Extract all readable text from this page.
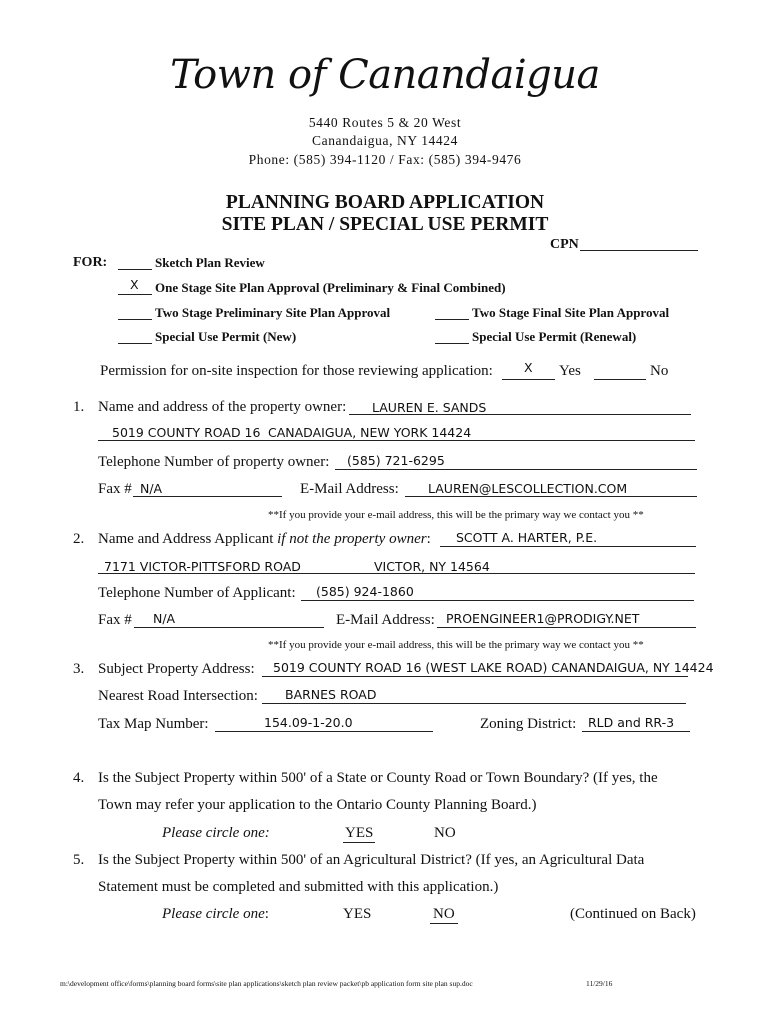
Town of Canandaigua
5440 Routes 5 & 20 West
Canandaigua, NY 14424
Phone: (585) 394-1120 / Fax: (585) 394-9476
PLANNING BOARD APPLICATION
SITE PLAN / SPECIAL USE PERMIT
CPN
FOR:	Sketch Plan Review
X One Stage Site Plan Approval (Preliminary & Final Combined)
Two Stage Preliminary Site Plan Approval	Two Stage Final Site Plan Approval
Special Use Permit (New)	Special Use Permit (Renewal)
Permission for on-site inspection for those reviewing application: X Yes	No
1. Name and address of the property owner: LAUREN E. SANDS
5019 COUNTY ROAD 16 CANADAIGUA, NEW YORK 14424
Telephone Number of property owner: (585) 721-6295
Fax # N/A	E-Mail Address: LAUREN@LESCOLLECTION.COM
**If you provide your e-mail address, this will be the primary way we contact you **
2. Name and Address Applicant if not the property owner: SCOTT A. HARTER, P.E.
7171 VICTOR-PITTSFORD ROAD	VICTOR, NY 14564
Telephone Number of Applicant: (585) 924-1860
Fax # N/A	E-Mail Address: PROENGINEER1@PRODIGY.NET
**If you provide your e-mail address, this will be the primary way we contact you **
3. Subject Property Address: 5019 COUNTY ROAD 16 (WEST LAKE ROAD) CANANDAIGUA, NY 14424
Nearest Road Intersection: BARNES ROAD
Tax Map Number:	154.09-1-20.0	Zoning District: RLD and RR-3
4. Is the Subject Property within 500' of a State or County Road or Town Boundary? (If yes, the
Town may refer your application to the Ontario County Planning Board.)
Please circle one:	YES	NO
5. Is the Subject Property within 500' of an Agricultural District? (If yes, an Agricultural Data
Statement must be completed and submitted with this application.)
Please circle one:	YES	NO	(Continued on Back)
m:\development office\forms\planning board forms\site plan applications\sketch plan review packet\pb application form site plan sup.doc	11/29/16
